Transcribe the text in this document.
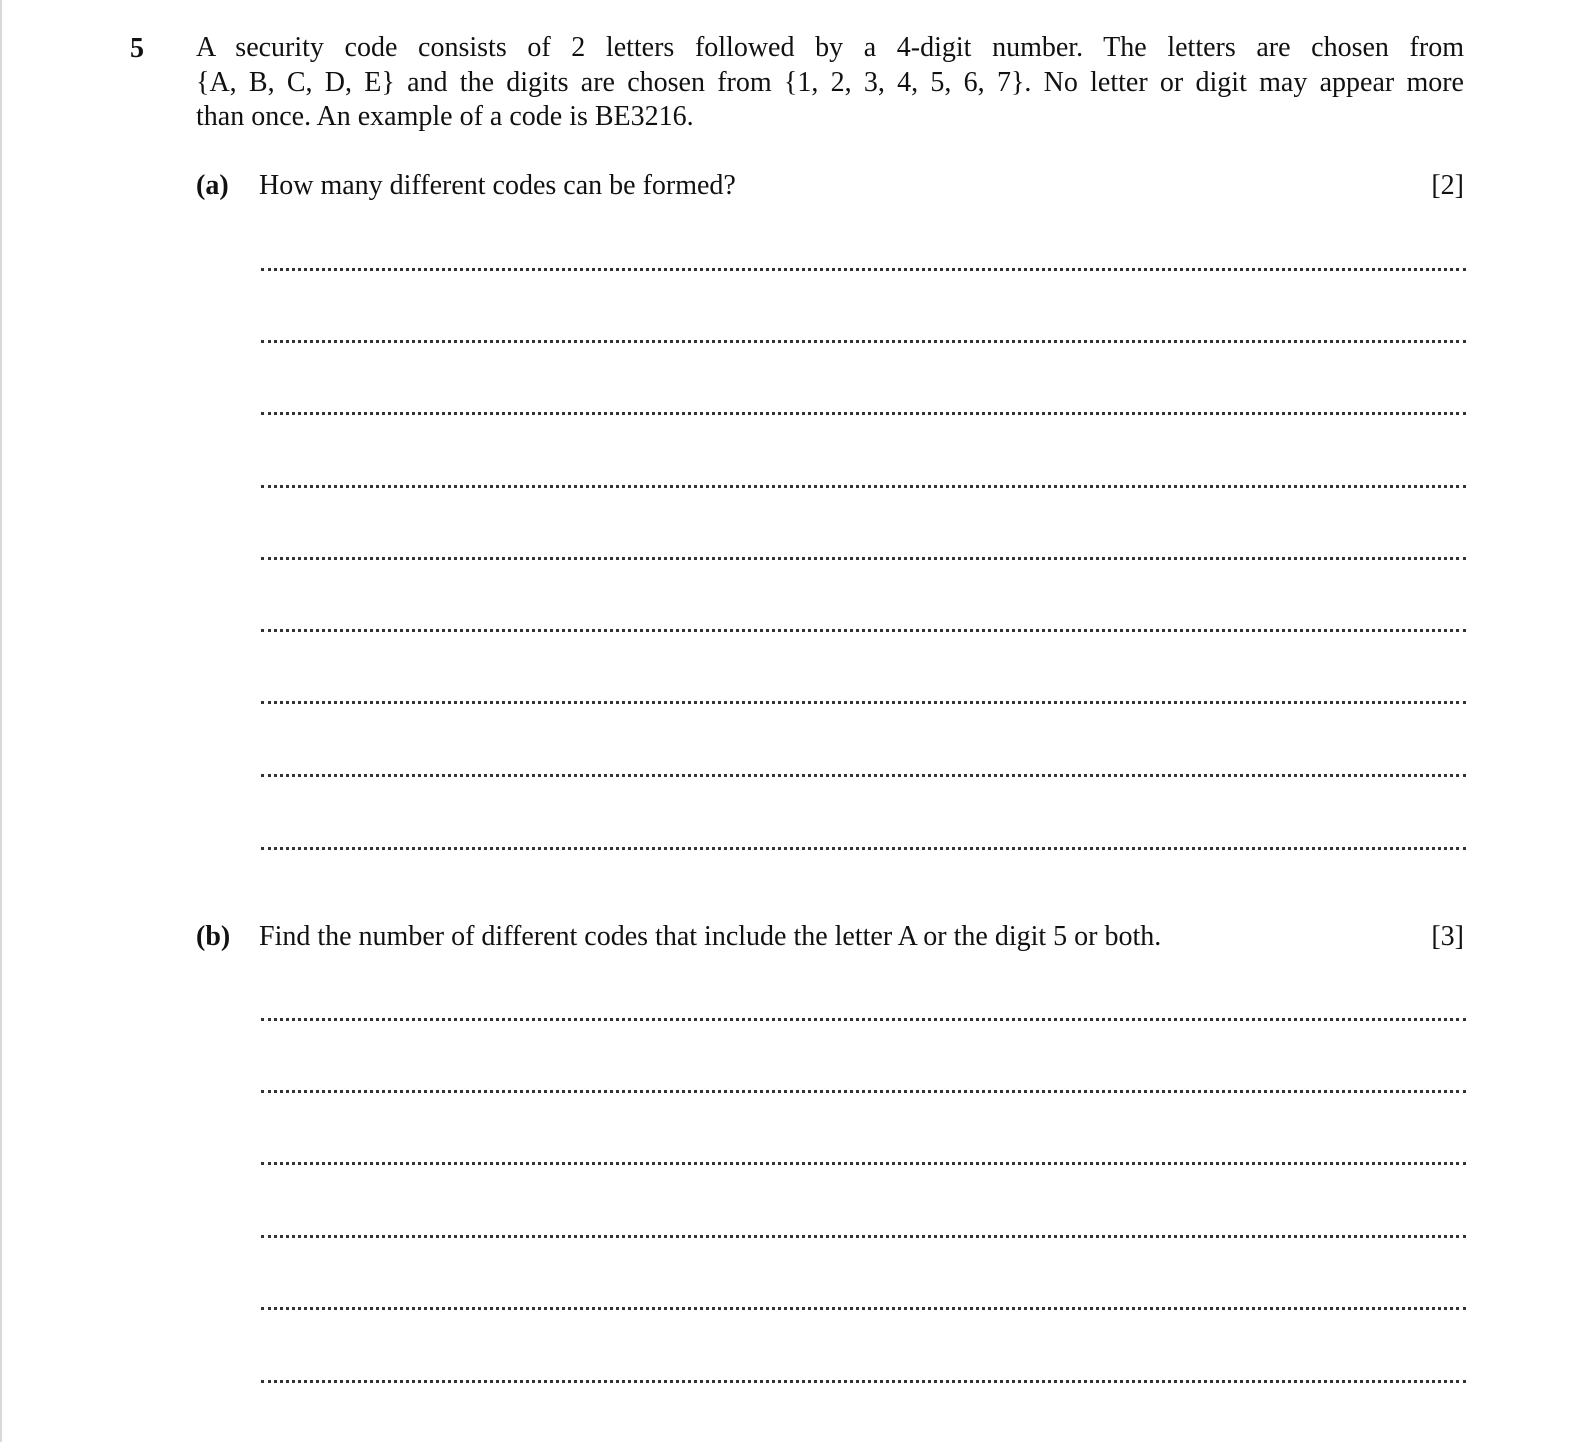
5 A security code consists of 2 letters followed by a 4-digit number. The letters are chosen from
{A, B, C, D, E} and the digits are chosen from {1, 2, 3, 4, 5, 6, 7}. No letter or digit may appear more
than once. An example of a code is BE3216.
(a) How many different codes can be formed?	[2]
(b) Find the number of different codes that include the letter A or the digit 5 or both.	[3]
